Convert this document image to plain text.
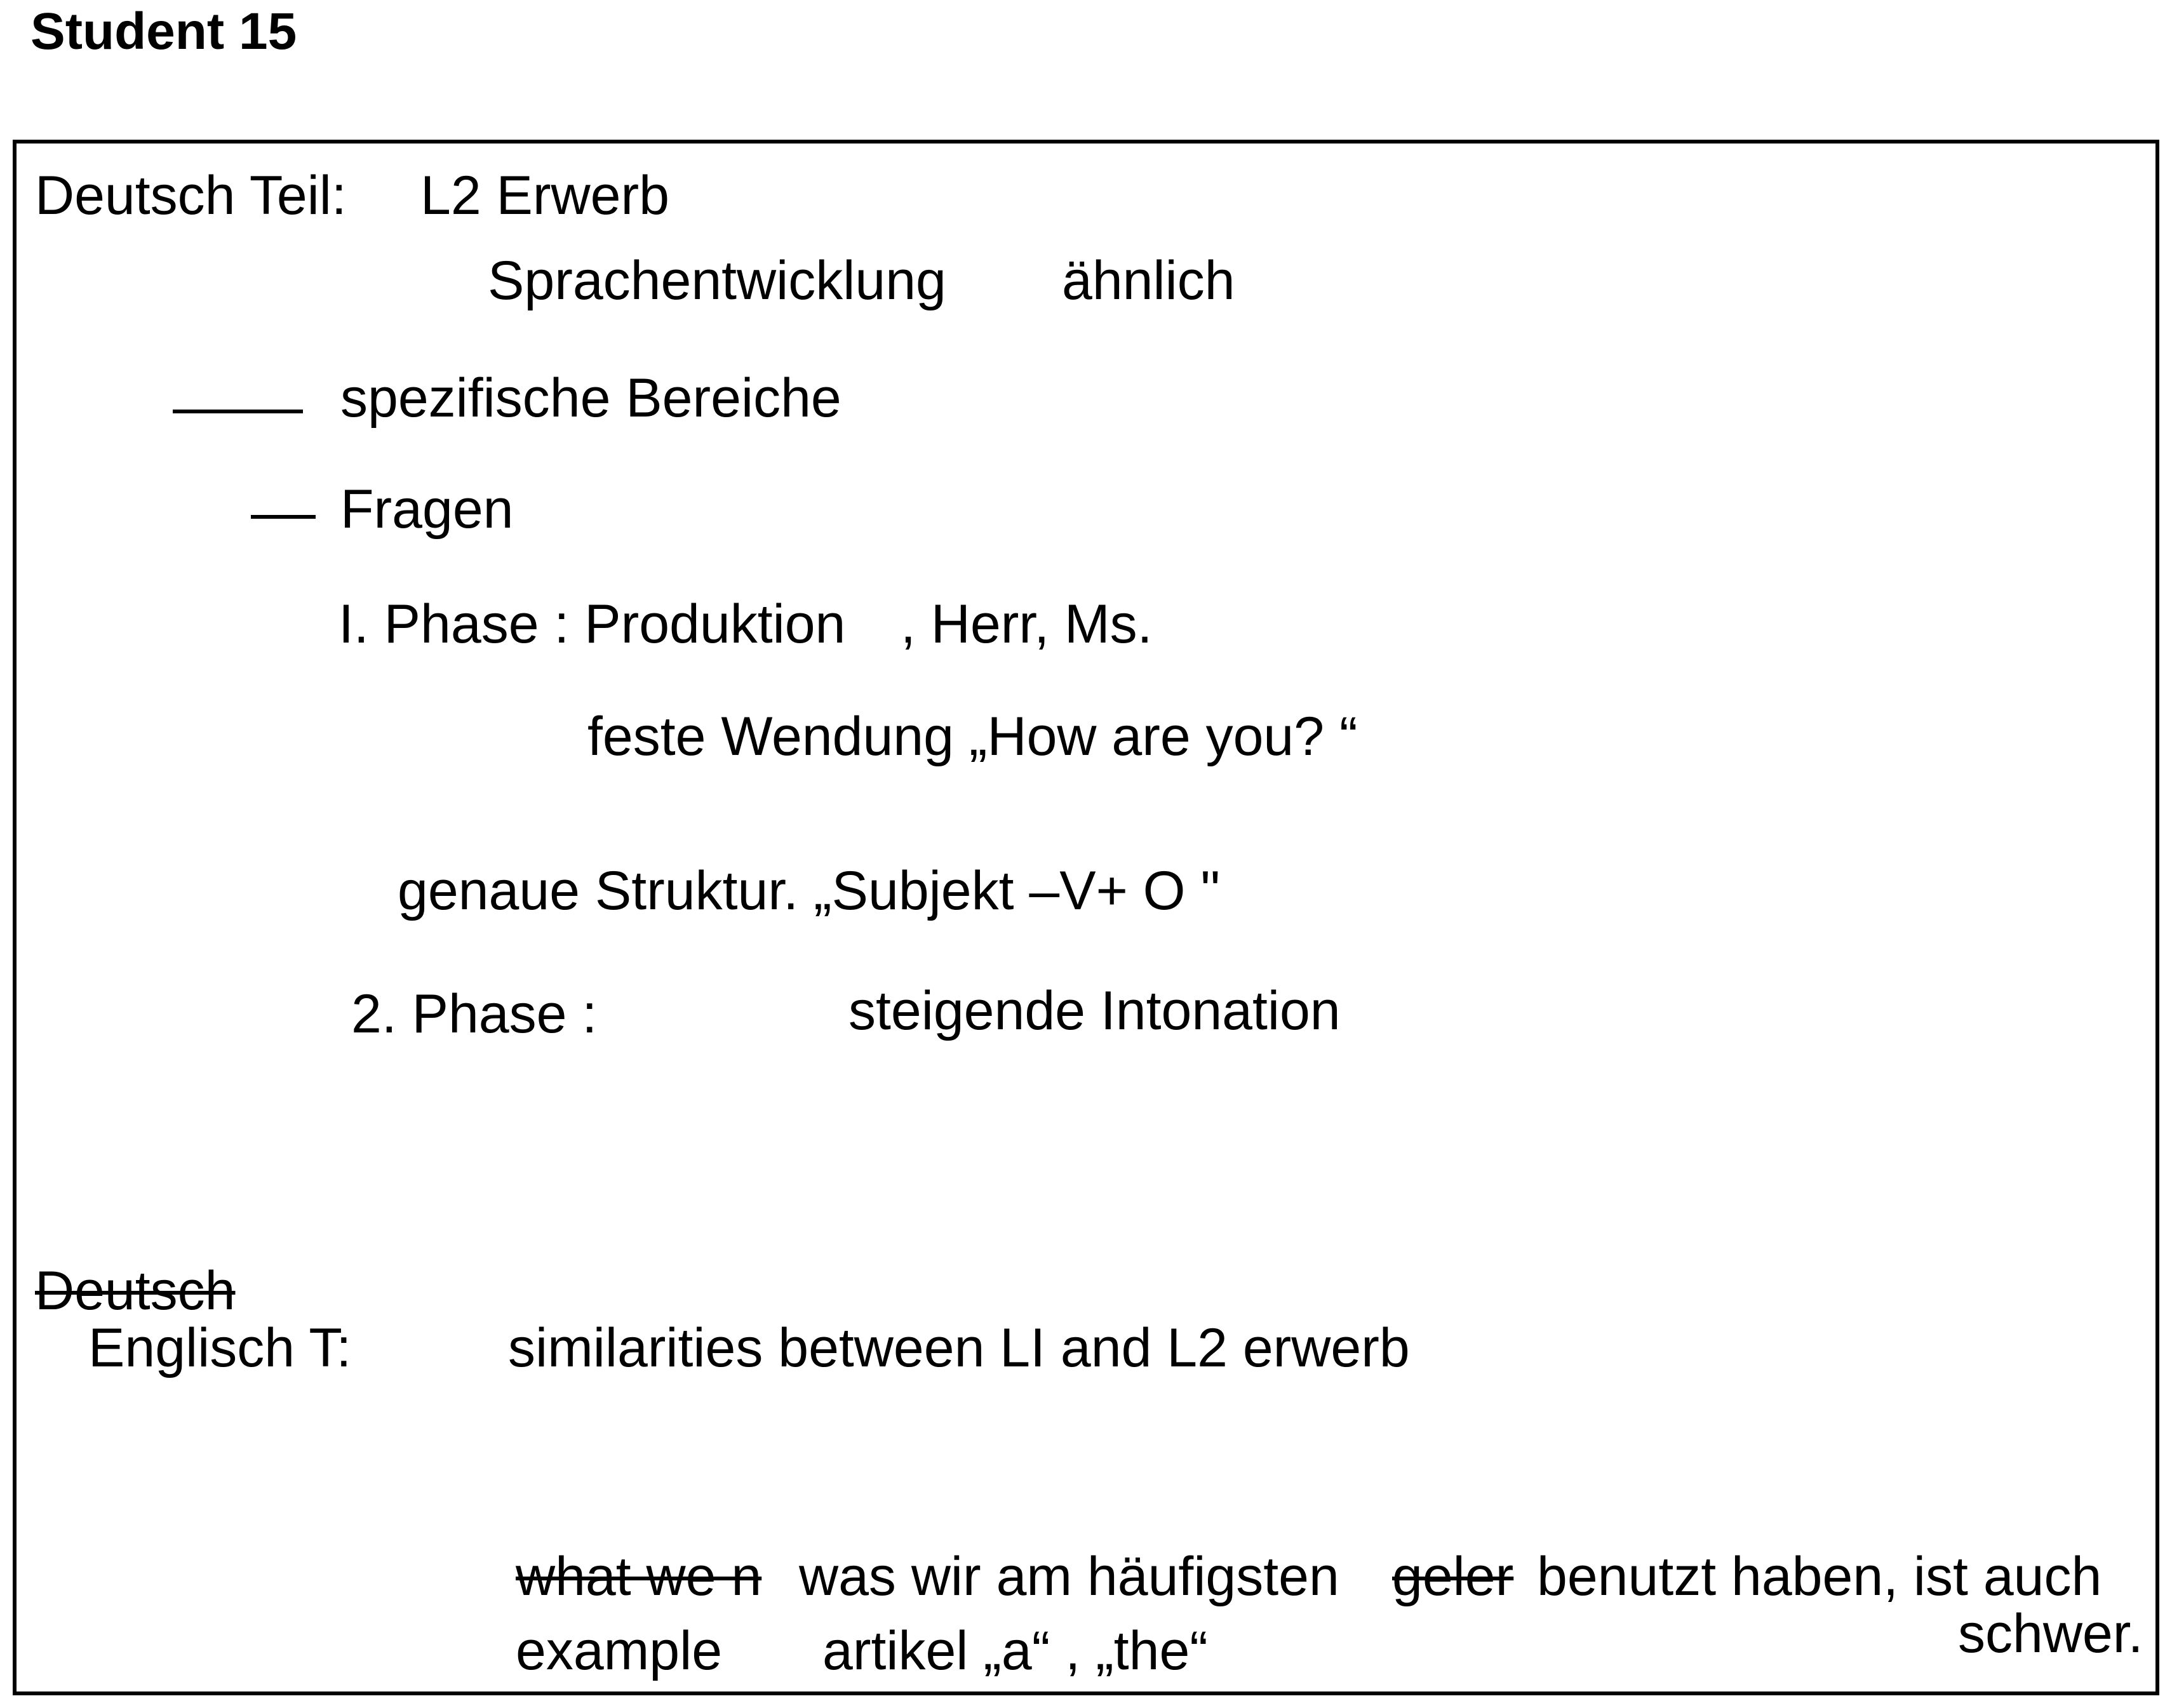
Student 15
Deutsch Teil: L2 Erwerb
Sprachentwicklung ähnlich
spezifische Bereiche
Fragen
I. Phase : Produktion , Herr, Ms.
feste Wendung „How are you? “
genaue Struktur. „Subjekt –V+ O "
2. Phase :	steigende Intonation
Deutsch
Englisch T:	similarities between LI and L2 erwerb
what we n was wir am häufigsten geler benutzt haben, ist auch
schwer.
example artikel „a“ , „the“
